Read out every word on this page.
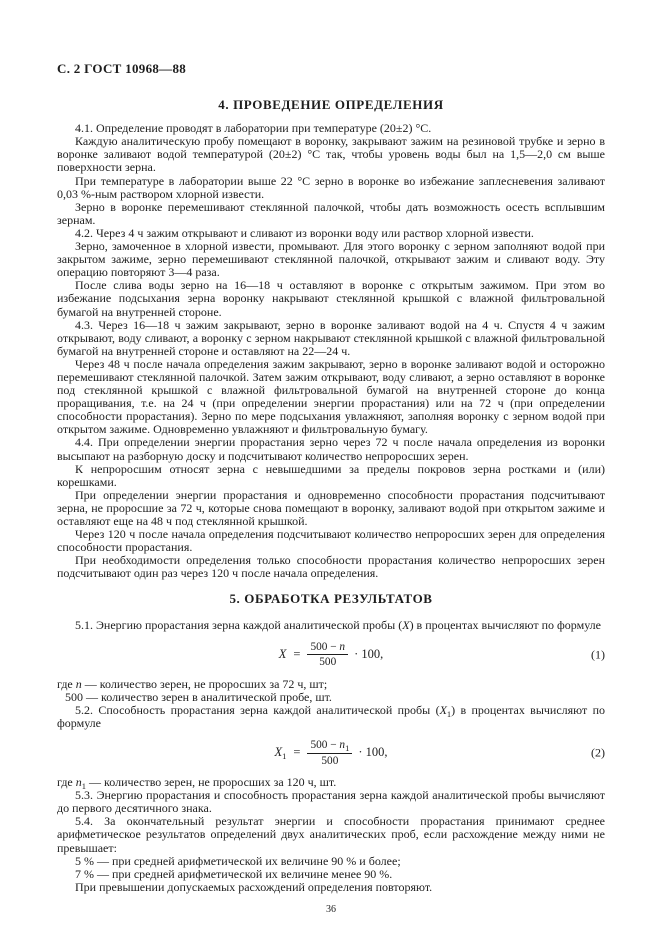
С. 2 ГОСТ 10968—88
4. ПРОВЕДЕНИЕ ОПРЕДЕЛЕНИЯ

4.1. Определение проводят в лаборатории при температуре (20±2) °С.

Каждую аналитическую пробу помещают в воронку, закрывают зажим на резиновой трубке и зерно в воронке заливают водой температурой (20±2) °С так, чтобы уровень воды был на 1,5—2,0 см выше поверхности зерна.

При температуре в лаборатории выше 22 °С зерно в воронке во избежание заплесневения заливают 0,03 %-ным раствором хлорной извести.

Зерно в воронке перемешивают стеклянной палочкой, чтобы дать возможность осесть всплывшим зернам.

4.2. Через 4 ч зажим открывают и сливают из воронки воду или раствор хлорной извести.

Зерно, замоченное в хлорной извести, промывают. Для этого воронку с зерном заполняют водой при закрытом зажиме, зерно перемешивают стеклянной палочкой, открывают зажим и сливают воду. Эту операцию повторяют 3—4 раза.

После слива воды зерно на 16—18 ч оставляют в воронке с открытым зажимом. При этом во избежание подсыхания зерна воронку накрывают стеклянной крышкой с влажной фильтровальной бумагой на внутренней стороне.

4.3. Через 16—18 ч зажим закрывают, зерно в воронке заливают водой на 4 ч. Спустя 4 ч зажим открывают, воду сливают, а воронку с зерном накрывают стеклянной крышкой с влажной фильтровальной бумагой на внутренней стороне и оставляют на 22—24 ч.

Через 48 ч после начала определения зажим закрывают, зерно в воронке заливают водой и осторожно перемешивают стеклянной палочкой. Затем зажим открывают, воду сливают, а зерно оставляют в воронке под стеклянной крышкой с влажной фильтровальной бумагой на внутренней стороне до конца проращивания, т.е. на 24 ч (при определении энергии прорастания) или на 72 ч (при определении способности прорастания). Зерно по мере подсыхания увлажняют, заполняя воронку с зерном водой при открытом зажиме. Одновременно увлажняют и фильтровальную бумагу.

4.4. При определении энергии прорастания зерно через 72 ч после начала определения из воронки высыпают на разборную доску и подсчитывают количество непроросших зерен.

К непроросшим относят зерна с невышедшими за пределы покровов зерна ростками и (или) корешками.

При определении энергии прорастания и одновременно способности прорастания подсчитывают зерна, не проросшие за 72 ч, которые снова помещают в воронку, заливают водой при открытом зажиме и оставляют еще на 48 ч под стеклянной крышкой.

Через 120 ч после начала определения подсчитывают количество непроросших зерен для определения способности прорастания.

При необходимости определения только способности прорастания количество непроросших зерен подсчитывают один раз через 120 ч после начала определения.

5. ОБРАБОТКА РЕЗУЛЬТАТОВ

5.1. Энергию прорастания зерна каждой аналитической пробы (X) в процентах вычисляют по формуле

$X = \frac{500 - n}{500} \cdot 100$,	(1)

где n — количество зерен, не проросших за 72 ч, шт;

500 — количество зерен в аналитической пробе, шт.

5.2. Способность прорастания зерна каждой аналитической пробы $(X_1)$ в процентах вычисляют по формуле

$X_1 = \frac{500 - n_1}{500} \cdot 100$,	(2)

где $n_1$ — количество зерен, не проросших за 120 ч, шт.

5.3. Энергию прорастания и способность прорастания зерна каждой аналитической пробы вычисляют до первого десятичного знака.

5.4. За окончательный результат энергии и способности прорастания принимают среднее арифметическое результатов определений двух аналитических проб, если расхождение между ними не превышает:

5 % — при средней арифметической их величине 90 % и более;

7 % — при средней арифметической их величине менее 90 %.

При превышении допускаемых расхождений определения повторяют.

36
